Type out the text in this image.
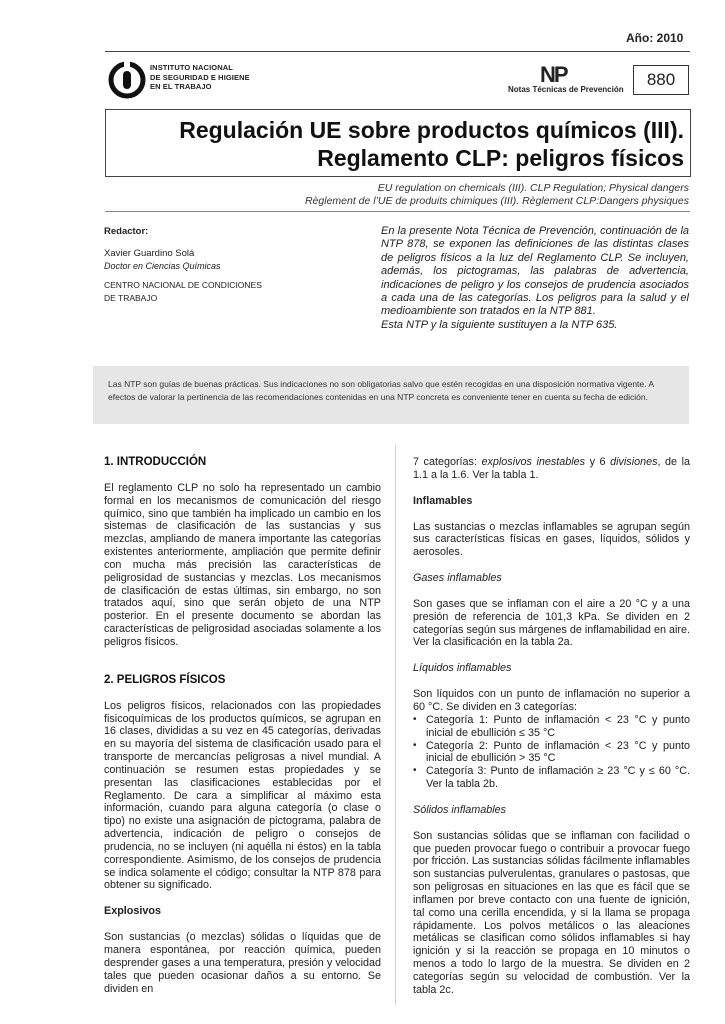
Año: 2010
INSTITUTO NACIONAL
DE SEGURIDAD E HIGIENE
EN EL TRABAJO	NP
Notas Técnicas de Prevención
880
Regulación UE sobre productos químicos (III).
Reglamento CLP: peligros físicos
EU regulation on chemicals (III). CLP Regulation; Physical dangers
Règlement de l’UE de produits chimiques (III). Règlement CLP:Dangers physiques
Redactor:
Xavier Guardino Solá
Doctor en Ciencias Químicas
CENTRO NACIONAL DE CONDICIONES
DE TRABAJO
En la presente Nota Técnica de Prevención, continuación de la NTP 878, se exponen las definiciones de las distintas clases de peligros físicos a la luz del Reglamento CLP. Se incluyen, además, los pictogramas, las palabras de advertencia, indicaciones de peligro y los consejos de prudencia asociados a cada una de las categorías. Los peligros para la salud y el medioambiente son tratados en la NTP 881.
Esta NTP y la siguiente sustituyen a la NTP 635.

Las NTP son guías de buenas prácticas. Sus indicaciones no son obligatorias salvo que estén recogidas en una disposición normativa vigente. A efectos de valorar la pertinencia de las recomendaciones contenidas en una NTP concreta es conveniente tener en cuenta su fecha de edición.

1. INTRODUCCIÓN

El reglamento CLP no solo ha representado un cambio formal en los mecanismos de comunicación del riesgo químico, sino que también ha implicado un cambio en los sistemas de clasificación de las sustancias y sus mezclas, ampliando de manera importante las categorías existentes anteriormente, ampliación que permite definir con mucha más precisión las características de peligrosidad de sustancias y mezclas. Los mecanismos de clasificación de estas últimas, sin embargo, no son tratados aquí, sino que serán objeto de una NTP posterior. En el presente documento se abordan las características de peligrosidad asociadas solamente a los peligros físicos.

2. PELIGROS FÍSICOS

Los peligros físicos, relacionados con las propiedades fisicoquímicas de los productos químicos, se agrupan en 16 clases, divididas a su vez en 45 categorías, derivadas en su mayoría del sistema de clasificación usado para el transporte de mercancías peligrosas a nivel mundial. A continuación se resumen estas propiedades y se presentan las clasificaciones establecidas por el Reglamento. De cara a simplificar al máximo esta información, cuando para alguna categoría (o clase o tipo) no existe una asignación de pictograma, palabra de advertencia, indicación de peligro o consejos de prudencia, no se incluyen (ni aquélla ni éstos) en la tabla correspondiente. Asimismo, de los consejos de prudencia se indica solamente el código; consultar la NTP 878 para obtener su significado.

Explosivos

Son sustancias (o mezclas) sólidas o líquidas que de manera espontánea, por reacción química, pueden desprender gases a una temperatura, presión y velocidad tales que pueden ocasionar daños a su entorno. Se dividen en

7 categorías: explosivos inestables y 6 divisiones, de la 1.1 a la 1.6. Ver la tabla 1.

Inflamables

Las sustancias o mezclas inflamables se agrupan según sus características físicas en gases, líquidos, sólidos y aerosoles.

Gases inflamables

Son gases que se inflaman con el aire a 20 °C y a una presión de referencia de 101,3 kPa. Se dividen en 2 categorías según sus márgenes de inflamabilidad en aire. Ver la clasificación en la tabla 2a.

Líquidos inflamables

Son líquidos con un punto de inflamación no superior a 60 °C. Se dividen en 3 categorías:

• Categoría 1: Punto de inflamación < 23 °C y punto inicial de ebullición ≤ 35 °C
• Categoría 2: Punto de inflamación < 23 °C y punto inicial de ebullición > 35 °C
• Categoría 3: Punto de inflamación ≥ 23 °C y ≤ 60 °C. Ver la tabla 2b.
Sólidos inflamables

Son sustancias sólidas que se inflaman con facilidad o que pueden provocar fuego o contribuir a provocar fuego por fricción. Las sustancias sólidas fácilmente inflamables son sustancias pulverulentas, granulares o pastosas, que son peligrosas en situaciones en las que es fácil que se inflamen por breve contacto con una fuente de ignición, tal como una cerilla encendida, y si la llama se propaga rápidamente. Los polvos metálicos o las aleaciones metálicas se clasifican como sólidos inflamables si hay ignición y si la reacción se propaga en 10 minutos o menos a todo lo largo de la muestra. Se dividen en 2 categorías según su velocidad de combustión. Ver la tabla 2c.
